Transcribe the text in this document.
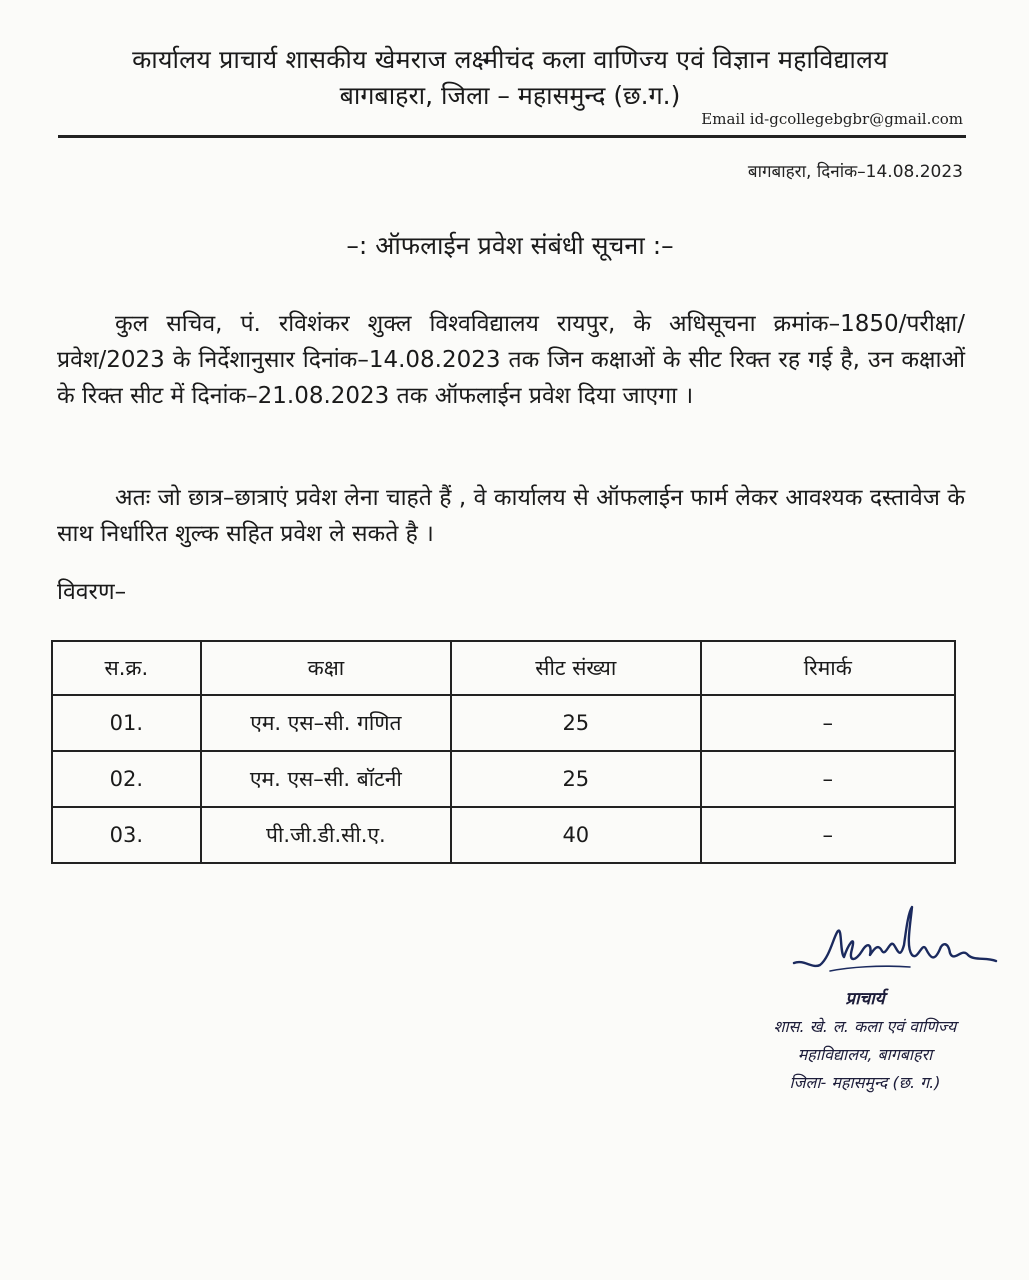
कार्यालय प्राचार्य शासकीय खेमराज लक्ष्मीचंद कला वाणिज्य एवं विज्ञान महाविद्यालय
बागबाहरा, जिला – महासमुन्द (छ.ग.)
Email id-gcollegebgbr@gmail.com
बागबाहरा, दिनांक–14.08.2023
–: ऑफलाईन प्रवेश संबंधी सूचना :–
कुल सचिव, पं. रविशंकर शुक्ल विश्वविद्यालय रायपुर, के अधिसूचना क्रमांक–1850/परीक्षा/प्रवेश/2023 के निर्देशानुसार दिनांक–14.08.2023 तक जिन कक्षाओं के सीट रिक्त रह गई है, उन कक्षाओं के रिक्त सीट में दिनांक–21.08.2023 तक ऑफलाईन प्रवेश दिया जाएगा ।
अतः जो छात्र–छात्राएं प्रवेश लेना चाहते हैं , वे कार्यालय से ऑफलाईन फार्म लेकर आवश्यक दस्तावेज के साथ निर्धारित शुल्क सहित प्रवेश ले सकते है ।
विवरण–
स.क्र.	कक्षा	सीट संख्या	रिमार्क
01.	एम. एस–सी. गणित	25	–
02.	एम. एस–सी. बॉटनी	25	–
03.	पी.जी.डी.सी.ए.	40	–
प्राचार्य
शास. खे. ल. कला एवं वाणिज्य
महाविद्यालय, बागबाहरा
जिला- महासमुन्द (छ. ग.)
